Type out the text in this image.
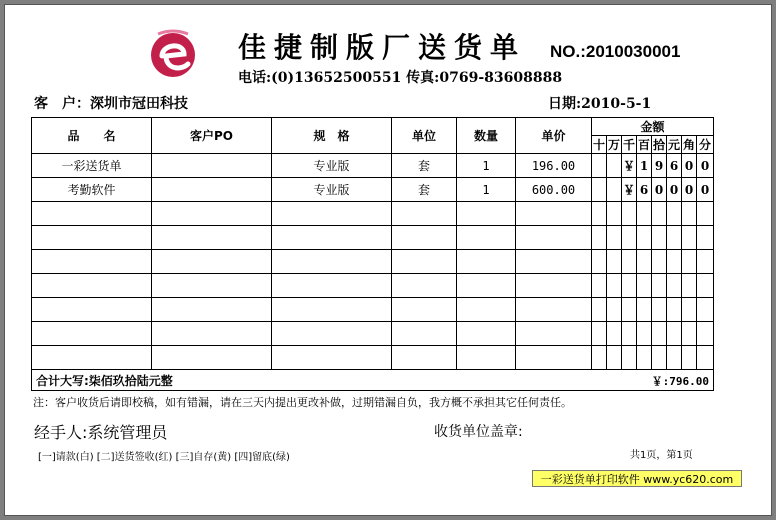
佳捷制版厂送货单 NO.:2010030001
电话:(0)13652500551 传真:0769-83608888
客　户：深圳市冠田科技	日期:2010-5-1
品　　名	客户PO	规　格	单位	数量	单价	金额							
						十	万	千	百	拾	元	角	分
一彩送货单		专业版	套	1	196.00			￥	1	9	6	0	0
考勤软件		专业版	套	1	600.00			￥	6	0	0	0	0

合计大写:柒佰玖拾陆元整 ￥:796.00													
注：客户收货后请即校稿，如有错漏，请在三天内提出更改补做，过期错漏自负，我方概不承担其它任何责任。
经手人:系统管理员	收货单位盖章:
[一]请款(白) [二]送货签收(红) [三]自存(黄) [四]留底(绿)	共1页，第1页
一彩送货单打印软件 www.yc620.com
